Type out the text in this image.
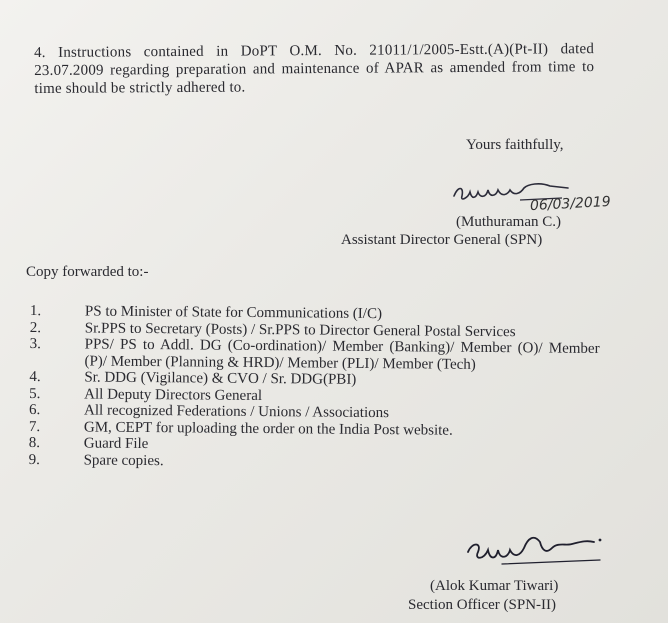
4. Instructions contained in DoPT O.M. No. 21011/1/2005-Estt.(A)(Pt-II) dated 23.07.2009 regarding preparation and maintenance of APAR as amended from time to time should be strictly adhered to.
Yours faithfully,
06/03/2019
(Muthuraman C.)
Assistant Director General (SPN)
Copy forwarded to:-
1.	PS to Minister of State for Communications (I/C)
2.	Sr.PPS to Secretary (Posts) / Sr.PPS to Director General Postal Services
3.	PPS/ PS to Addl. DG (Co-ordination)/ Member (Banking)/ Member (O)/ Member (P)/ Member (Planning & HRD)/ Member (PLI)/ Member (Tech)
4.	Sr. DDG (Vigilance) & CVO / Sr. DDG(PBI)
5.	All Deputy Directors General
6.	All recognized Federations / Unions / Associations
7.	GM, CEPT for uploading the order on the India Post website.
8.	Guard File
9.	Spare copies.
(Alok Kumar Tiwari)
Section Officer (SPN-II)
